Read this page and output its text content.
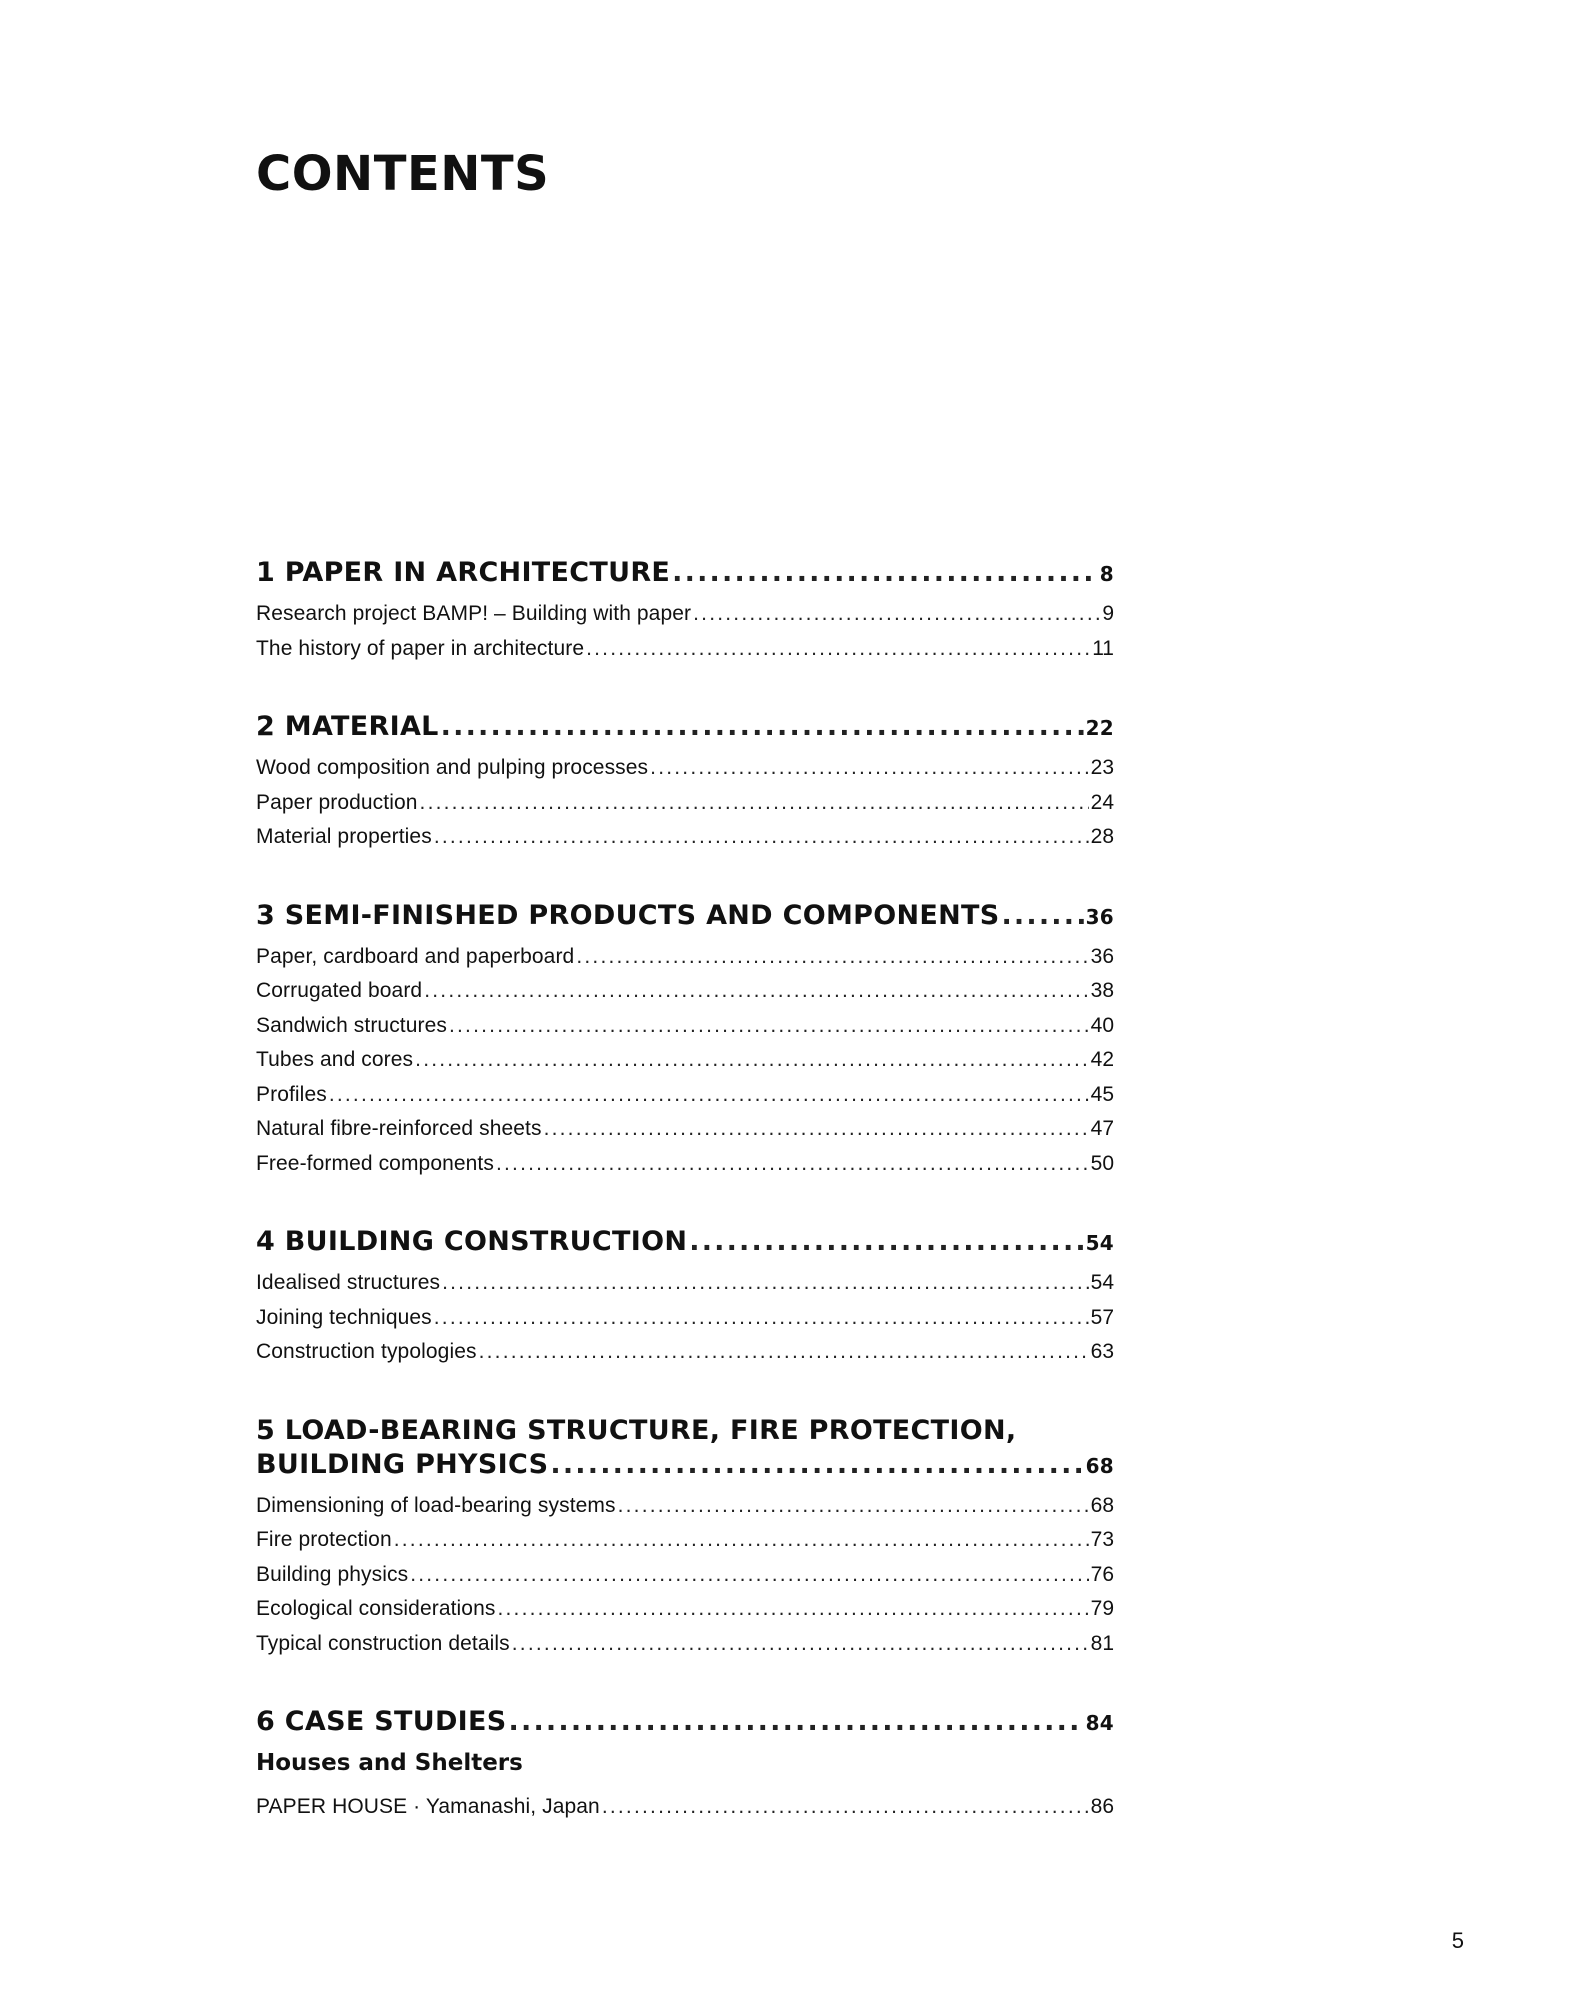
CONTENTS
1 PAPER IN ARCHITECTURE .....	8
Research project BAMP! – Building with paper .....	9
The history of paper in architecture .....	11
2 MATERIAL .....	22
Wood composition and pulping processes .....	23
Paper production .....	24
Material properties .....	28
3 SEMI-FINISHED PRODUCTS AND COMPONENTS .....	36
Paper, cardboard and paperboard .....	36
Corrugated board .....	38
Sandwich structures .....	40
Tubes and cores .....	42
Profiles .....	45
Natural fibre-reinforced sheets .....	47
Free-formed components .....	50
4 BUILDING CONSTRUCTION .....	54
Idealised structures .....	54
Joining techniques .....	57
Construction typologies .....	63
5 LOAD-BEARING STRUCTURE, FIRE PROTECTION,
BUILDING PHYSICS .....	68
Dimensioning of load-bearing systems .....	68
Fire protection .....	73
Building physics .....	76
Ecological considerations .....	79
Typical construction details .....	81
6 CASE STUDIES .....	84
Houses and Shelters
PAPER HOUSE · Yamanashi, Japan .....	86
5
